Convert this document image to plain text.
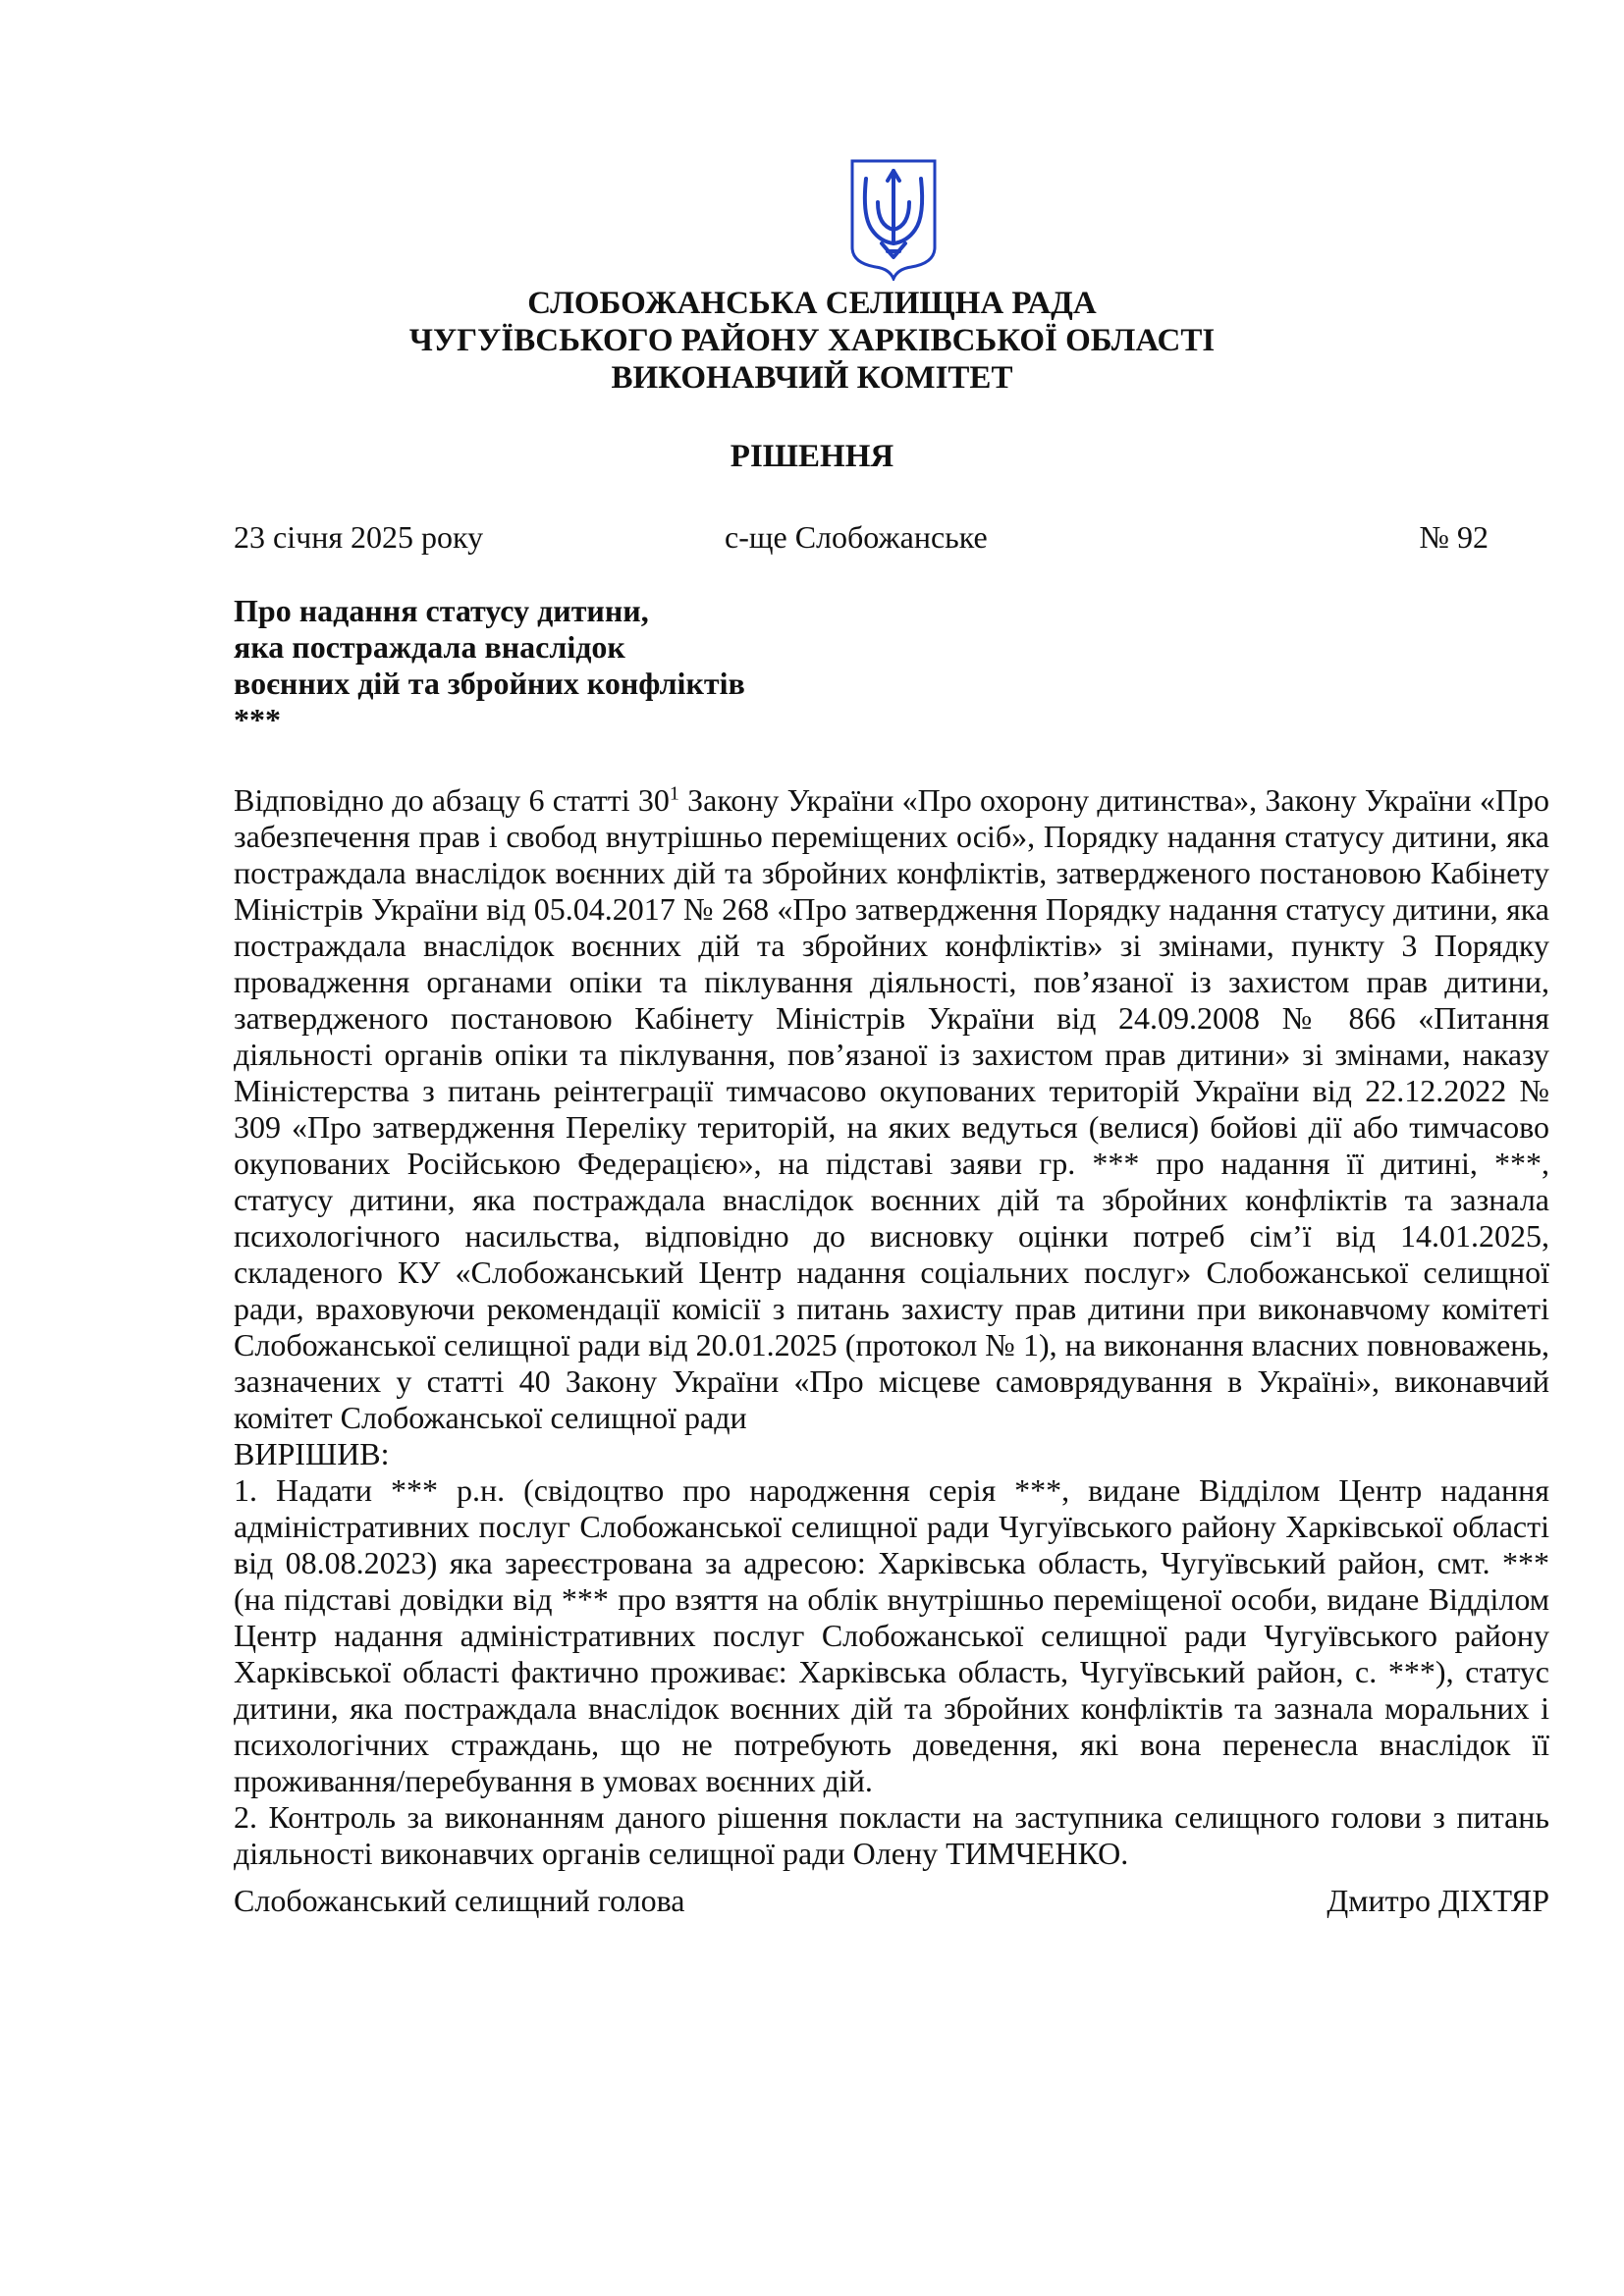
СЛОБОЖАНСЬКА СЕЛИЩНА РАДА
ЧУГУЇВСЬКОГО РАЙОНУ ХАРКІВСЬКОЇ ОБЛАСТІ
ВИКОНАВЧИЙ КОМІТЕТ
РІШЕННЯ
23 січня 2025 року	с-ще Слобожанське	№ 92
Про надання статусу дитини,
яка постраждала внаслідок
воєнних дій та збройних конфліктів
***

Відповідно до абзацу 6 статті $30^1$ Закону України «Про охорону дитинства», Закону України «Про забезпечення прав і свобод внутрішньо переміщених осіб», Порядку надання статусу дитини, яка постраждала внаслідок воєнних дій та збройних конфліктів, затвердженого постановою Кабінету Міністрів України від 05.04.2017 № 268 «Про затвердження Порядку надання статусу дитини, яка постраждала внаслідок воєнних дій та збройних конфліктів» зі змінами, пункту 3 Порядку провадження органами опіки та піклування діяльності, пов’язаної із захистом прав дитини, затвердженого постановою Кабінету Міністрів України від 24.09.2008 № 866 «Питання діяльності органів опіки та піклування, пов’язаної із захистом прав дитини» зі змінами, наказу Міністерства з питань реінтеграції тимчасово окупованих територій України від 22.12.2022 № 309 «Про затвердження Переліку територій, на яких ведуться (велися) бойові дії або тимчасово окупованих Російською Федерацією», на підставі заяви гр. *** про надання її дитині, ***, статусу дитини, яка постраждала внаслідок воєнних дій та збройних конфліктів та зазнала психологічного насильства, відповідно до висновку оцінки потреб сім’ї від 14.01.2025, складеного КУ «Слобожанський Центр надання соціальних послуг» Слобожанської селищної ради, враховуючи рекомендації комісії з питань захисту прав дитини при виконавчому комітеті Слобожанської селищної ради від 20.01.2025 (протокол № 1), на виконання власних повноважень, зазначених у статті 40 Закону України «Про місцеве самоврядування в Україні», виконавчий комітет Слобожанської селищної ради

ВИРІШИВ:

1. Надати *** р.н. (свідоцтво про народження серія ***, видане Відділом Центр надання адміністративних послуг Слобожанської селищної ради Чугуївського району Харківської області від 08.08.2023) яка зареєстрована за адресою: Харківська область, Чугуївський район, смт. *** (на підставі довідки від *** про взяття на облік внутрішньо переміщеної особи, видане Відділом Центр надання адміністративних послуг Слобожанської селищної ради Чугуївського району Харківської області фактично проживає: Харківська область, Чугуївський район, с. ***), статус дитини, яка постраждала внаслідок воєнних дій та збройних конфліктів та зазнала моральних і психологічних страждань, що не потребують доведення, які вона перенесла внаслідок її проживання/перебування в умовах воєнних дій.

2. Контроль за виконанням даного рішення покласти на заступника селищного голови з питань діяльності виконавчих органів селищної ради Олену ТИМЧЕНКО.

Слобожанський селищний голова	Дмитро ДІХТЯР
